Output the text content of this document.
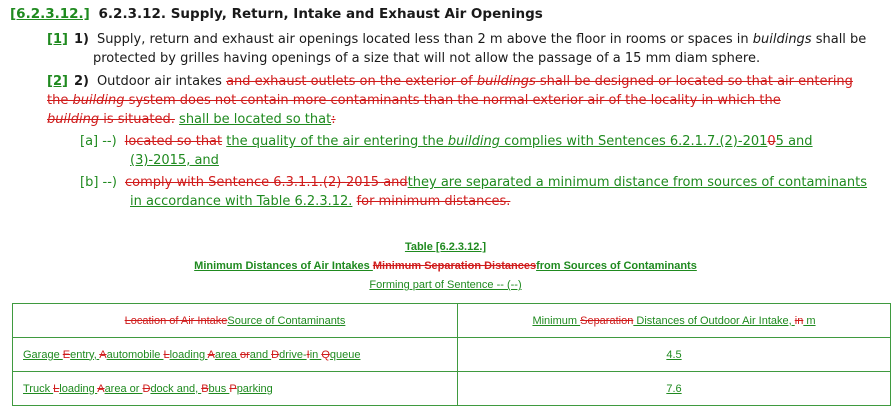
[6.2.3.12.] 6.2.3.12. Supply, Return, Intake and Exhaust Air Openings
[1] 1) Supply, return and exhaust air openings located less than 2 m above the floor in rooms or spaces in buildings shall be
protected by grilles having openings of a size that will not allow the passage of a 15 mm diam sphere.
[2] 2) Outdoor air intakes and exhaust outlets on the exterior of buildings shall be designed or located so that air entering
the building system does not contain more contaminants than the normal exterior air of the locality in which the
building is situated. shall be located so that:
[a] --) located so that the quality of the air entering the building complies with Sentences 6.2.1.7.(2)-20105 and
(3)-2015, and
[b] --) comply with Sentence 6.3.1.1.(2)-2015 andthey are separated a minimum distance from sources of contaminants
in accordance with Table 6.2.3.12. for minimum distances.
Table [6.2.3.12.]
Minimum Distances of Air Intakes Minimum Separation Distancesfrom Sources of Contaminants
Forming part of Sentence -- (--)
Location of Air IntakeSource of Contaminants	Minimum Separation Distances of Outdoor Air Intake, in m
Garage Eentry, Aautomobile Lloading Aarea orand Ddrive-Iin Qqueue	4.5
Truck Lloading Aarea or Ddock and, Bbus Pparking	7.6
